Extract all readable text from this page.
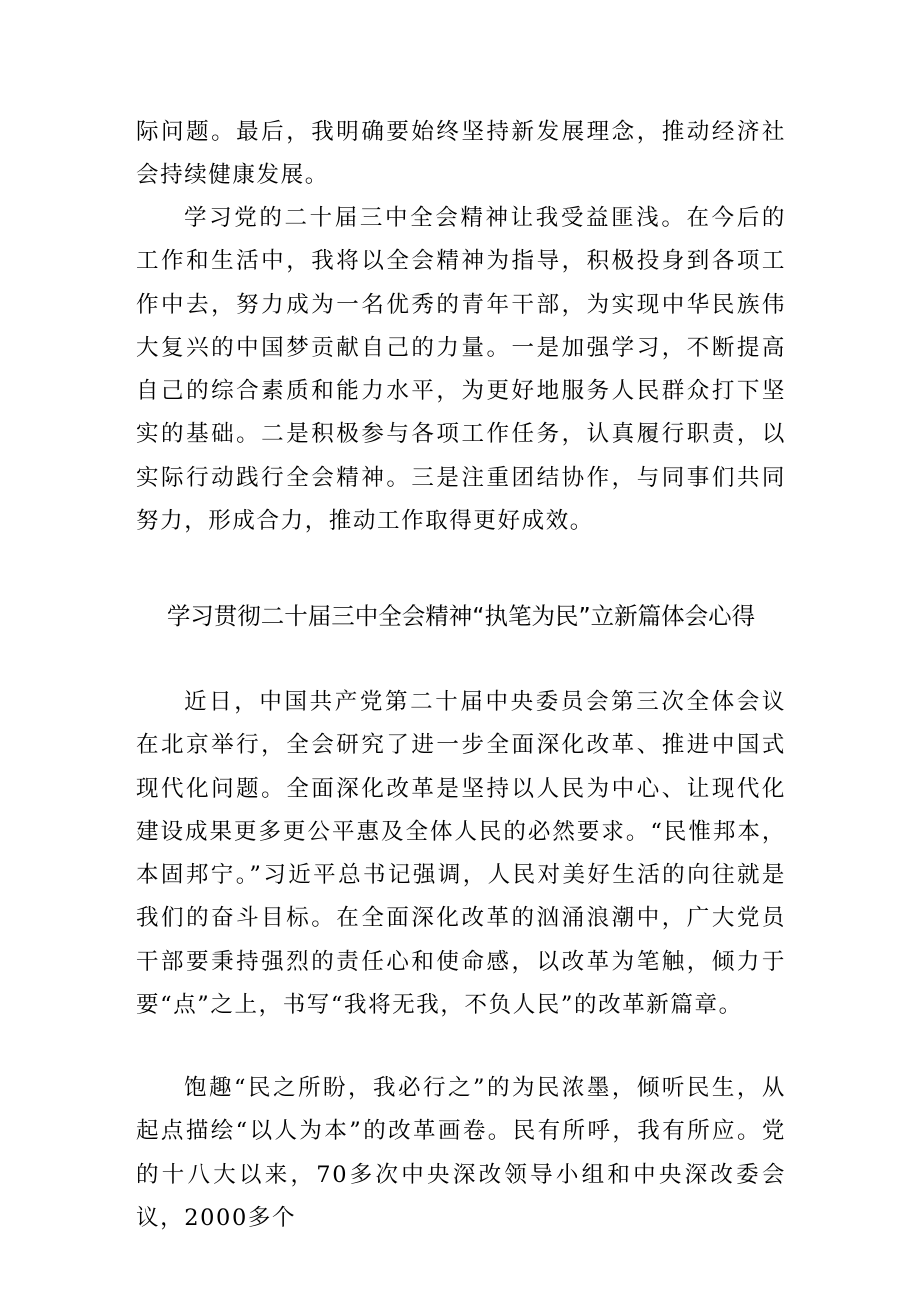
际问题。最后，我明确要始终坚持新发展理念，推动经济社会持续健康发展。

学习党的二十届三中全会精神让我受益匪浅。在今后的工作和生活中，我将以全会精神为指导，积极投身到各项工作中去，努力成为一名优秀的青年干部，为实现中华民族伟大复兴的中国梦贡献自己的力量。一是加强学习，不断提高自己的综合素质和能力水平，为更好地服务人民群众打下坚实的基础。二是积极参与各项工作任务，认真履行职责，以实际行动践行全会精神。三是注重团结协作，与同事们共同努力，形成合力，推动工作取得更好成效。

学习贯彻二十届三中全会精神“执笔为民”立新篇体会心得

近日，中国共产党第二十届中央委员会第三次全体会议在北京举行，全会研究了进一步全面深化改革、推进中国式现代化问题。全面深化改革是坚持以人民为中心、让现代化建设成果更多更公平惠及全体人民的必然要求。“民惟邦本，本固邦宁。”习近平总书记强调，人民对美好生活的向往就是我们的奋斗目标。在全面深化改革的汹涌浪潮中，广大党员干部要秉持强烈的责任心和使命感，以改革为笔触，倾力于要“点”之上，书写“我将无我，不负人民”的改革新篇章。

饱趣“民之所盼，我必行之”的为民浓墨，倾听民生，从起点描绘“以人为本”的改革画卷。民有所呼，我有所应。党的十八大以来，70多次中央深改领导小组和中央深改委会议，2000多个
